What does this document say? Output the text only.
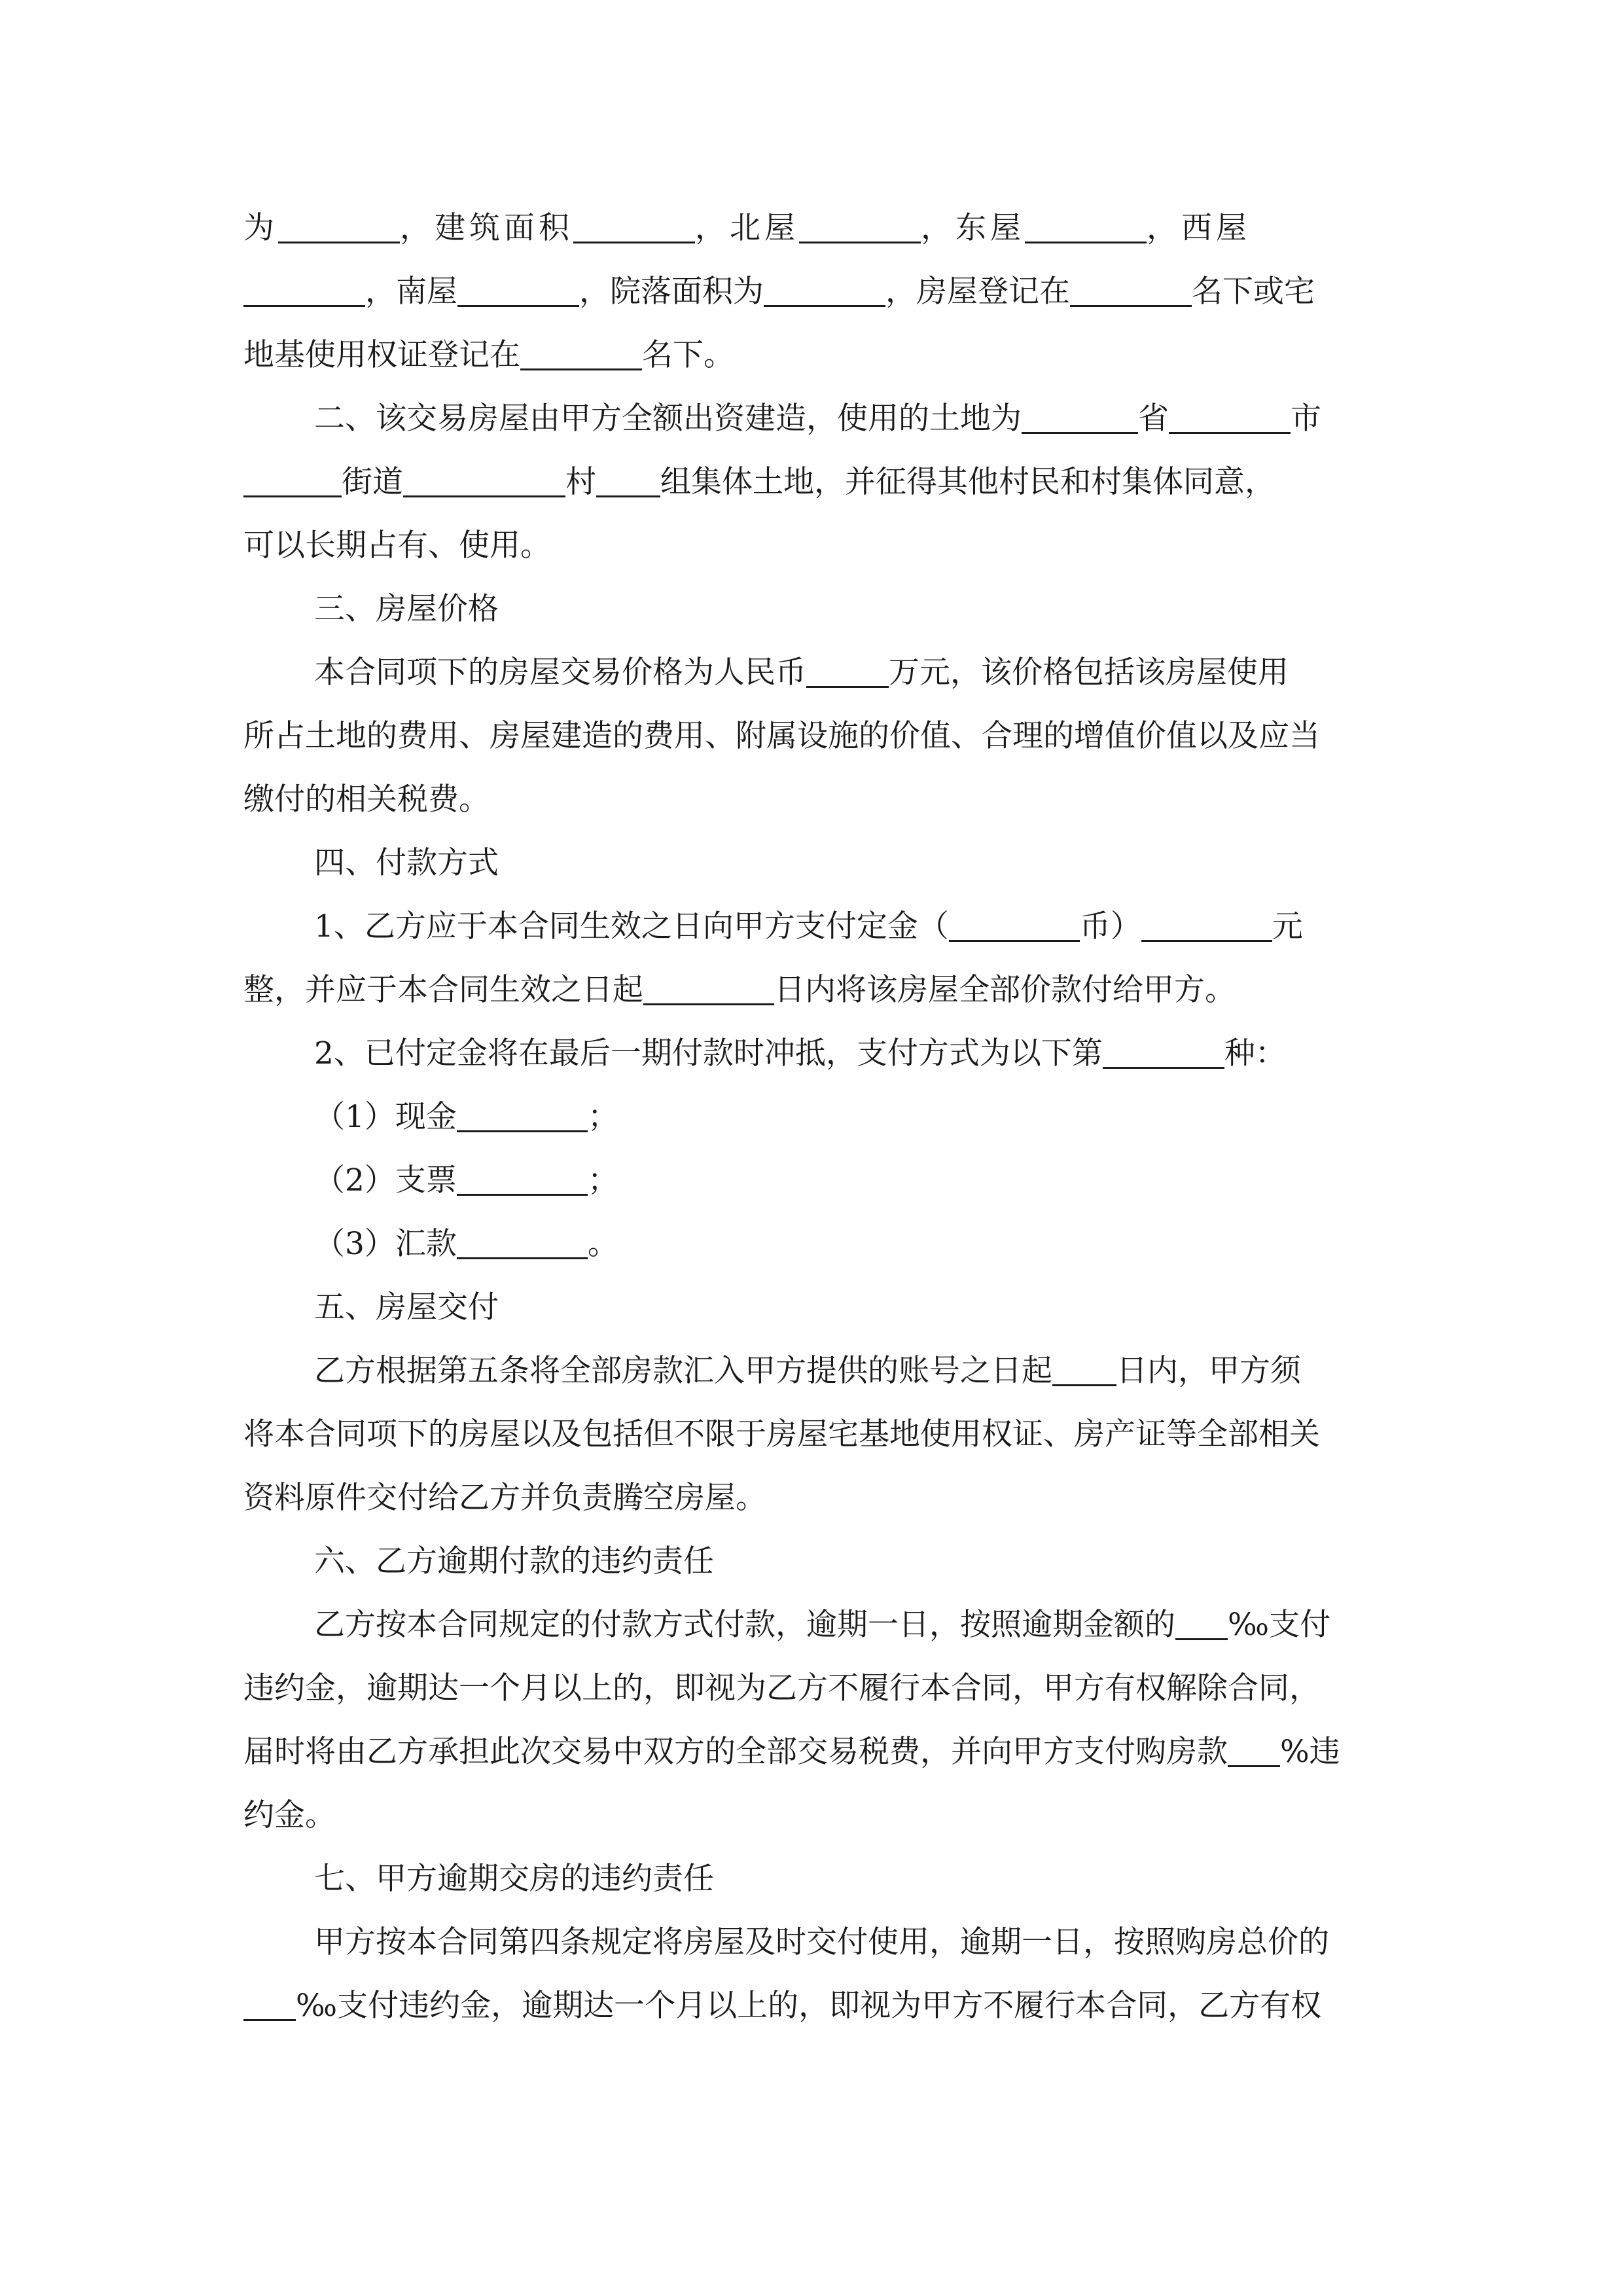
为	，建筑面积	，北屋	，东屋	，西屋

，南屋	，院落面积为	，房屋登记在	名下或宅

地基使用权证登记在	名下。

二、该交易房屋由甲方全额出资建造，使用的土地为	省	市

街道	村 组集体土地，并征得其他村民和村集体同意，

可以长期占有、使用。

三、房屋价格

本合同项下的房屋交易价格为人民币	万元，该价格包括该房屋使用

所占土地的费用、房屋建造的费用、附属设施的价值、合理的增值价值以及应当

缴付的相关税费。

四、付款方式

1、乙方应于本合同生效之日向甲方支付定金（	币）	元

整，并应于本合同生效之日起	日内将该房屋全部价款付给甲方。

2、已付定金将在最后一期付款时冲抵，支付方式为以下第	种：

（1）现金	；

（2）支票	；

（3）汇款	。

五、房屋交付

乙方根据第五条将全部房款汇入甲方提供的账号之日起 日内，甲方须

将本合同项下的房屋以及包括但不限于房屋宅基地使用权证、房产证等全部相关

资料原件交付给乙方并负责腾空房屋。

六、乙方逾期付款的违约责任

乙方按本合同规定的付款方式付款，逾期一日，按照逾期金额的 ‰支付

违约金，逾期达一个月以上的，即视为乙方不履行本合同，甲方有权解除合同，

届时将由乙方承担此次交易中双方的全部交易税费，并向甲方支付购房款 %违

约金。

七、甲方逾期交房的违约责任

甲方按本合同第四条规定将房屋及时交付使用，逾期一日，按照购房总价的

‰支付违约金，逾期达一个月以上的，即视为甲方不履行本合同，乙方有权
